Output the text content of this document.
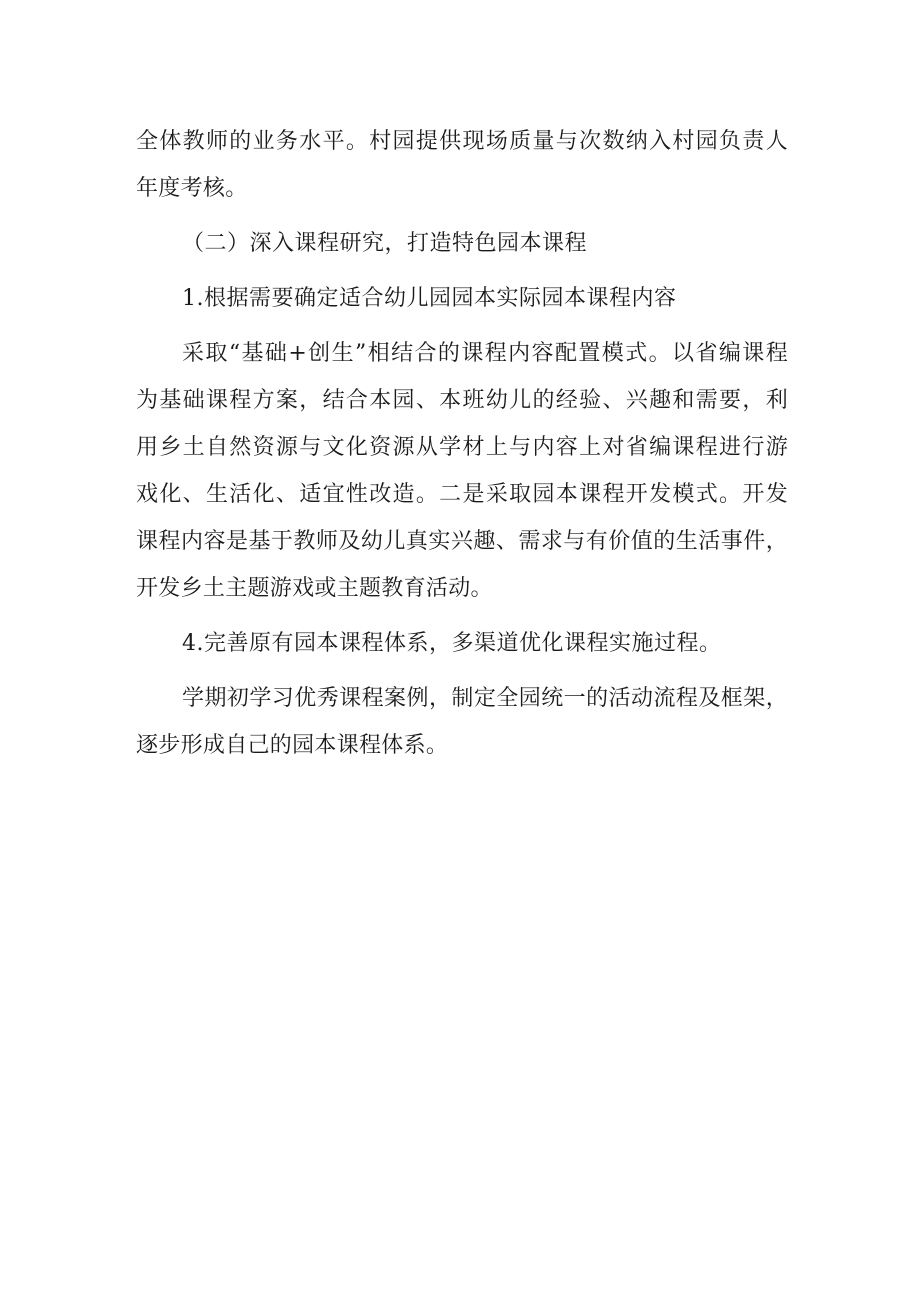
全体教师的业务水平。村园提供现场质量与次数纳入村园负责人
年度考核。
（二）深入课程研究，打造特色园本课程
1.根据需要确定适合幼儿园园本实际园本课程内容
采取“基础+创生”相结合的课程内容配置模式。以省编课程
为基础课程方案，结合本园、本班幼儿的经验、兴趣和需要，利
用乡土自然资源与文化资源从学材上与内容上对省编课程进行游
戏化、生活化、适宜性改造。二是采取园本课程开发模式。开发
课程内容是基于教师及幼儿真实兴趣、需求与有价值的生活事件，
开发乡土主题游戏或主题教育活动。
4.完善原有园本课程体系，多渠道优化课程实施过程。
学期初学习优秀课程案例，制定全园统一的活动流程及框架，
逐步形成自己的园本课程体系。
